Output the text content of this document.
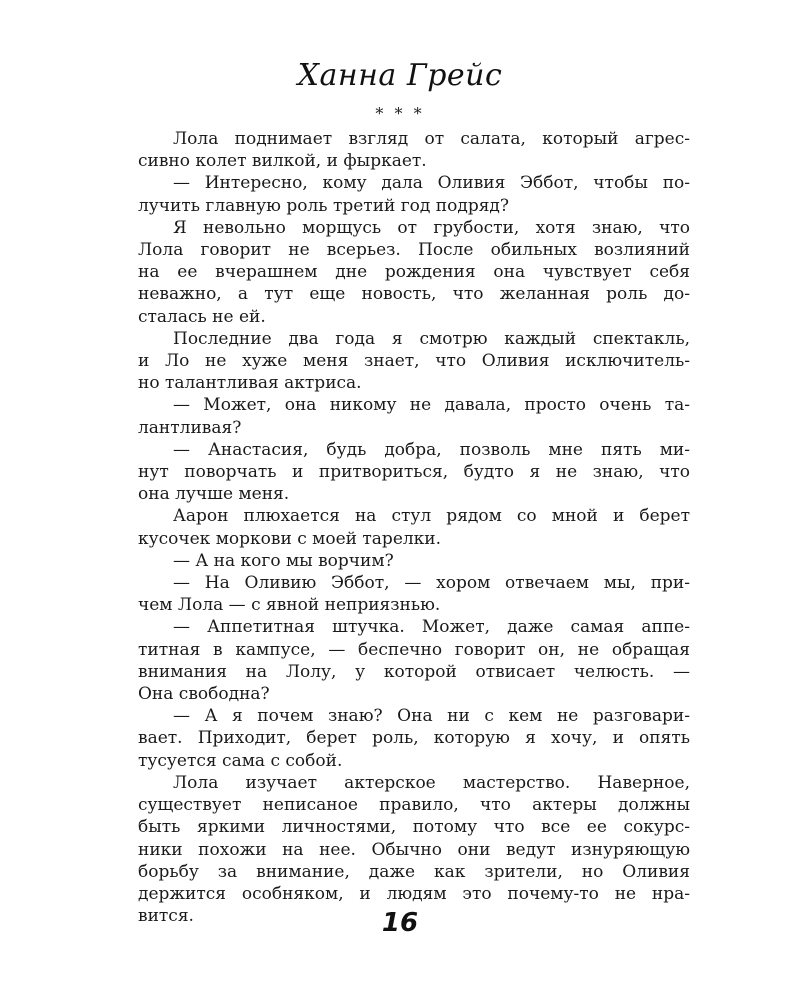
Ханна Грейс
* * *
Лола поднимает взгляд от салата, который агрес-
сивно колет вилкой, и фыркает.
— Интересно, кому дала Оливия Эббот, чтобы по-
лучить главную роль третий год подряд?
Я невольно морщусь от грубости, хотя знаю, что
Лола говорит не всерьез. После обильных возлияний
на ее вчерашнем дне рождения она чувствует себя
неважно, а тут еще новость, что желанная роль до-
сталась не ей.
Последние два года я смотрю каждый спектакль,
и Ло не хуже меня знает, что Оливия исключитель-
но талантливая актриса.
— Может, она никому не давала, просто очень та-
лантливая?
— Анастасия, будь добра, позволь мне пять ми-
нут поворчать и притвориться, будто я не знаю, что
она лучше меня.
Аарон плюхается на стул рядом со мной и берет
кусочек моркови с моей тарелки.
— А на кого мы ворчим?
— На Оливию Эббот, — хором отвечаем мы, при-
чем Лола — с явной неприязнью.
— Аппетитная штучка. Может, даже самая аппе-
титная в кампусе, — беспечно говорит он, не обращая
внимания на Лолу, у которой отвисает челюсть. —
Она свободна?
— А я почем знаю? Она ни с кем не разговари-
вает. Приходит, берет роль, которую я хочу, и опять
тусуется сама с собой.
Лола изучает актерское мастерство. Наверное,
существует неписаное правило, что актеры должны
быть яркими личностями, потому что все ее сокурс-
ники похожи на нее. Обычно они ведут изнуряющую
борьбу за внимание, даже как зрители, но Оливия
держится особняком, и людям это почему-то не нра-
вится.	16
